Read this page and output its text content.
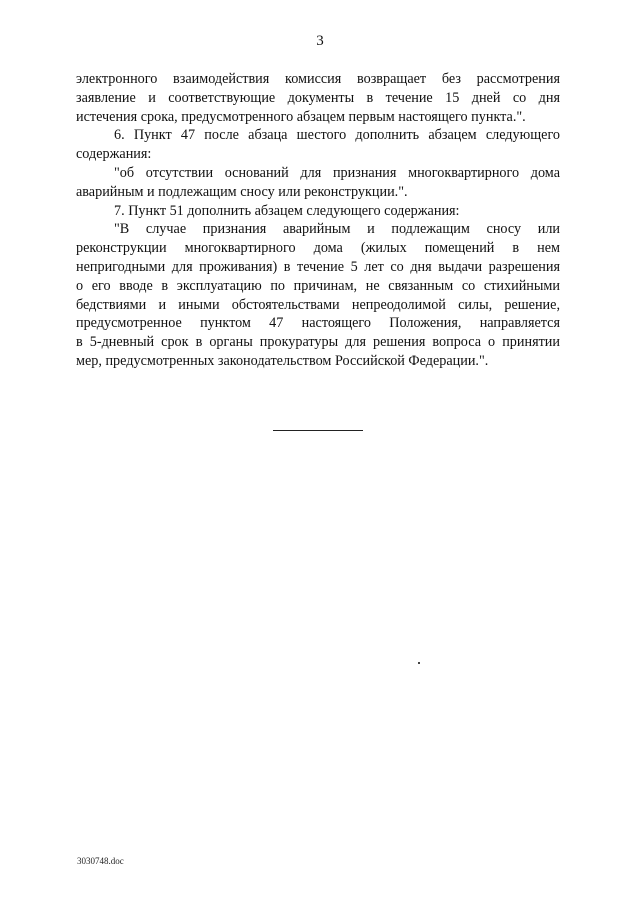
3
электронного взаимодействия комиссия возвращает без рассмотрения
заявление и соответствующие документы в течение 15 дней со дня
истечения срока, предусмотренного абзацем первым настоящего пункта.".
6. Пункт 47 после абзаца шестого дополнить абзацем следующего
содержания:
"об отсутствии оснований для признания многоквартирного дома
аварийным и подлежащим сносу или реконструкции.".
7. Пункт 51 дополнить абзацем следующего содержания:
"В случае признания аварийным и подлежащим сносу или
реконструкции многоквартирного дома (жилых помещений в нем
непригодными для проживания) в течение 5 лет со дня выдачи разрешения
о его вводе в эксплуатацию по причинам, не связанным со стихийными
бедствиями и иными обстоятельствами непреодолимой силы, решение,
предусмотренное пунктом 47 настоящего Положения, направляется
в 5-дневный срок в органы прокуратуры для решения вопроса о принятии
мер, предусмотренных законодательством Российской Федерации.".
3030748.doc
